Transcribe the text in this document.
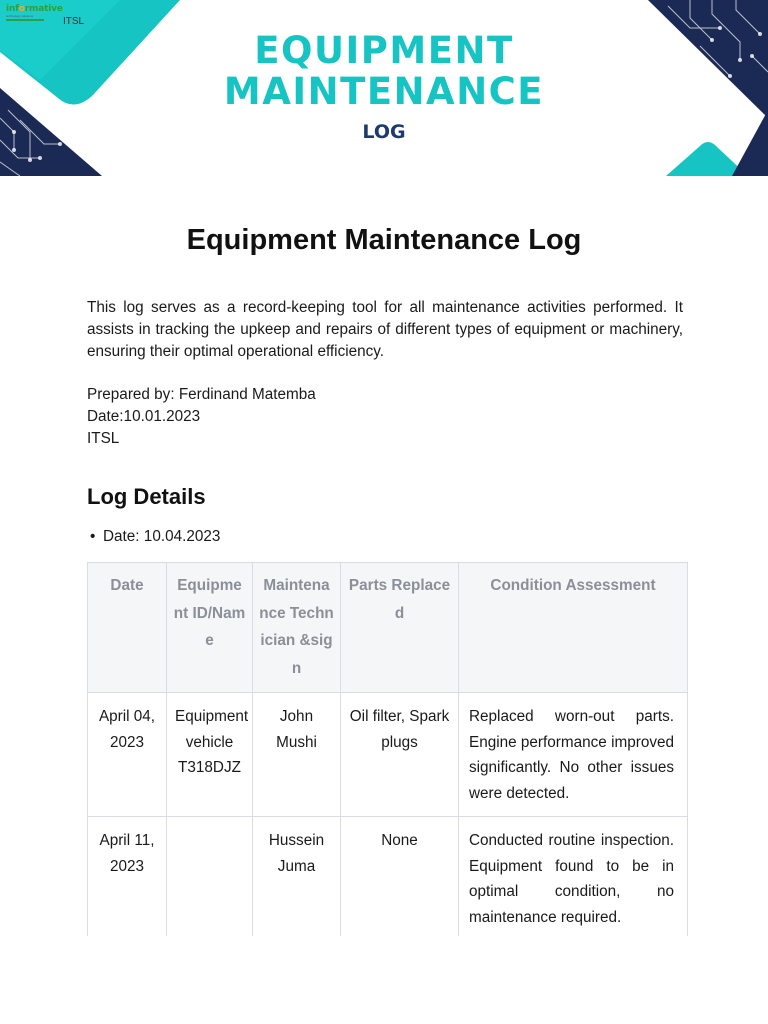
informative
technology solutions	ITSL
EQUIPMENT
MAINTENANCE
LOG
Equipment Maintenance Log

This log serves as a record-keeping tool for all maintenance activities performed. It assists in tracking the upkeep and repairs of different types of equipment or machinery, ensuring their optimal operational efficiency.

Prepared by: Ferdinand Matemba
Date:10.01.2023
ITSL
Log Details
• Date: 10.04.2023
Date	Equipment ID/Name	Maintenance Technician &sign	Parts Replaced	Condition Assessment
April 04, 2023	Equipment vehicle T318DJZ	John Mushi	Oil filter, Spark plugs	Replaced worn-out parts. Engine performance improved significantly. No other issues were detected.
April 11, 2023		Hussein Juma	None	Conducted routine inspection. Equipment found to be in optimal condition, no maintenance required.
